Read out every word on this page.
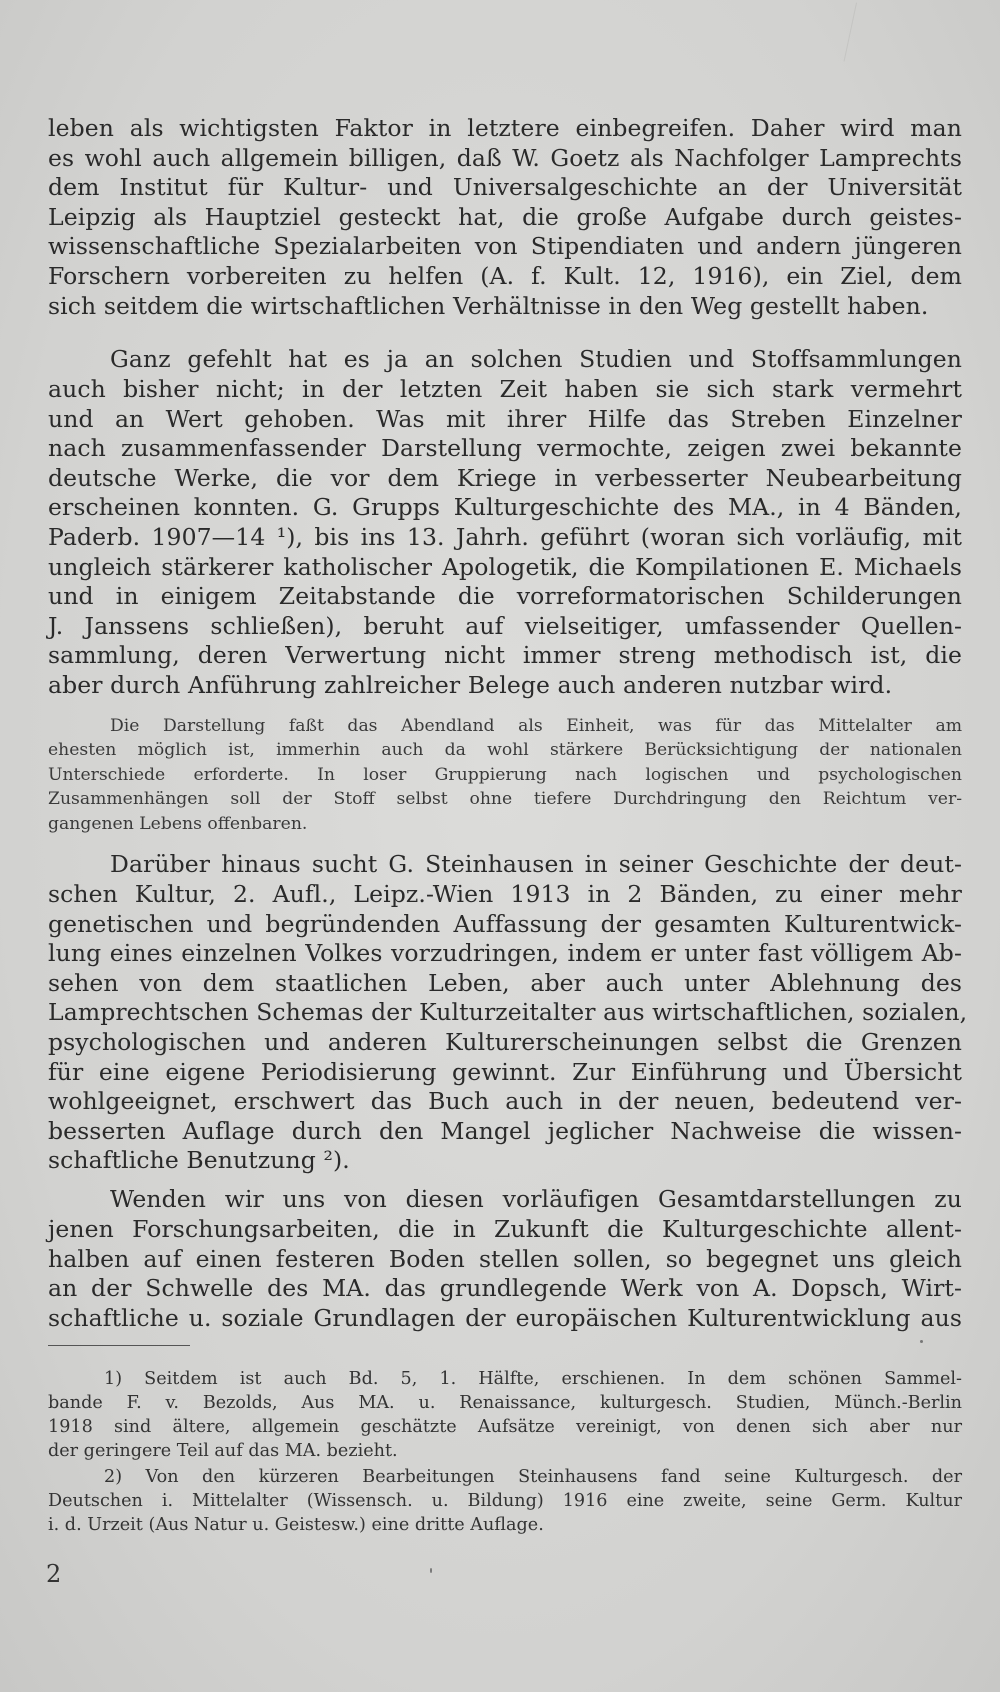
leben als wichtigsten Faktor in letztere einbegreifen. Daher wird man
es wohl auch allgemein billigen, daß W. Goetz als Nachfolger Lamprechts
dem Institut für Kultur- und Universalgeschichte an der Universität
Leipzig als Hauptziel gesteckt hat, die große Aufgabe durch geistes-
wissenschaftliche Spezialarbeiten von Stipendiaten und andern jüngeren
Forschern vorbereiten zu helfen (A. f. Kult. 12, 1916), ein Ziel, dem
sich seitdem die wirtschaftlichen Verhältnisse in den Weg gestellt haben.
Ganz gefehlt hat es ja an solchen Studien und Stoffsammlungen
auch bisher nicht; in der letzten Zeit haben sie sich stark vermehrt
und an Wert gehoben. Was mit ihrer Hilfe das Streben Einzelner
nach zusammenfassender Darstellung vermochte, zeigen zwei bekannte
deutsche Werke, die vor dem Kriege in verbesserter Neubearbeitung
erscheinen konnten. G. Grupps Kulturgeschichte des MA., in 4 Bänden,
Paderb. 1907—14 ¹), bis ins 13. Jahrh. geführt (woran sich vorläufig, mit
ungleich stärkerer katholischer Apologetik, die Kompilationen E. Michaels
und in einigem Zeitabstande die vorreformatorischen Schilderungen
J. Janssens schließen), beruht auf vielseitiger, umfassender Quellen-
sammlung, deren Verwertung nicht immer streng methodisch ist, die
aber durch Anführung zahlreicher Belege auch anderen nutzbar wird.
Die Darstellung faßt das Abendland als Einheit, was für das Mittelalter am
ehesten möglich ist, immerhin auch da wohl stärkere Berücksichtigung der nationalen
Unterschiede erforderte. In loser Gruppierung nach logischen und psychologischen
Zusammenhängen soll der Stoff selbst ohne tiefere Durchdringung den Reichtum ver-
gangenen Lebens offenbaren.
Darüber hinaus sucht G. Steinhausen in seiner Geschichte der deut-
schen Kultur, 2. Aufl., Leipz.-Wien 1913 in 2 Bänden, zu einer mehr
genetischen und begründenden Auffassung der gesamten Kulturentwick-
lung eines einzelnen Volkes vorzudringen, indem er unter fast völligem Ab-
sehen von dem staatlichen Leben, aber auch unter Ablehnung des
Lamprechtschen Schemas der Kulturzeitalter aus wirtschaftlichen, sozialen,
psychologischen und anderen Kulturerscheinungen selbst die Grenzen
für eine eigene Periodisierung gewinnt. Zur Einführung und Übersicht
wohlgeeignet, erschwert das Buch auch in der neuen, bedeutend ver-
besserten Auflage durch den Mangel jeglicher Nachweise die wissen-
schaftliche Benutzung ²).
Wenden wir uns von diesen vorläufigen Gesamtdarstellungen zu
jenen Forschungsarbeiten, die in Zukunft die Kulturgeschichte allent-
halben auf einen festeren Boden stellen sollen, so begegnet uns gleich
an der Schwelle des MA. das grundlegende Werk von A. Dopsch, Wirt-
schaftliche u. soziale Grundlagen der europäischen Kulturentwicklung aus
1) Seitdem ist auch Bd. 5, 1. Hälfte, erschienen. In dem schönen Sammel-
bande F. v. Bezolds, Aus MA. u. Renaissance, kulturgesch. Studien, Münch.-Berlin
1918 sind ältere, allgemein geschätzte Aufsätze vereinigt, von denen sich aber nur
der geringere Teil auf das MA. bezieht.
2) Von den kürzeren Bearbeitungen Steinhausens fand seine Kulturgesch. der
Deutschen i. Mittelalter (Wissensch. u. Bildung) 1916 eine zweite, seine Germ. Kultur
i. d. Urzeit (Aus Natur u. Geistesw.) eine dritte Auflage.
2
